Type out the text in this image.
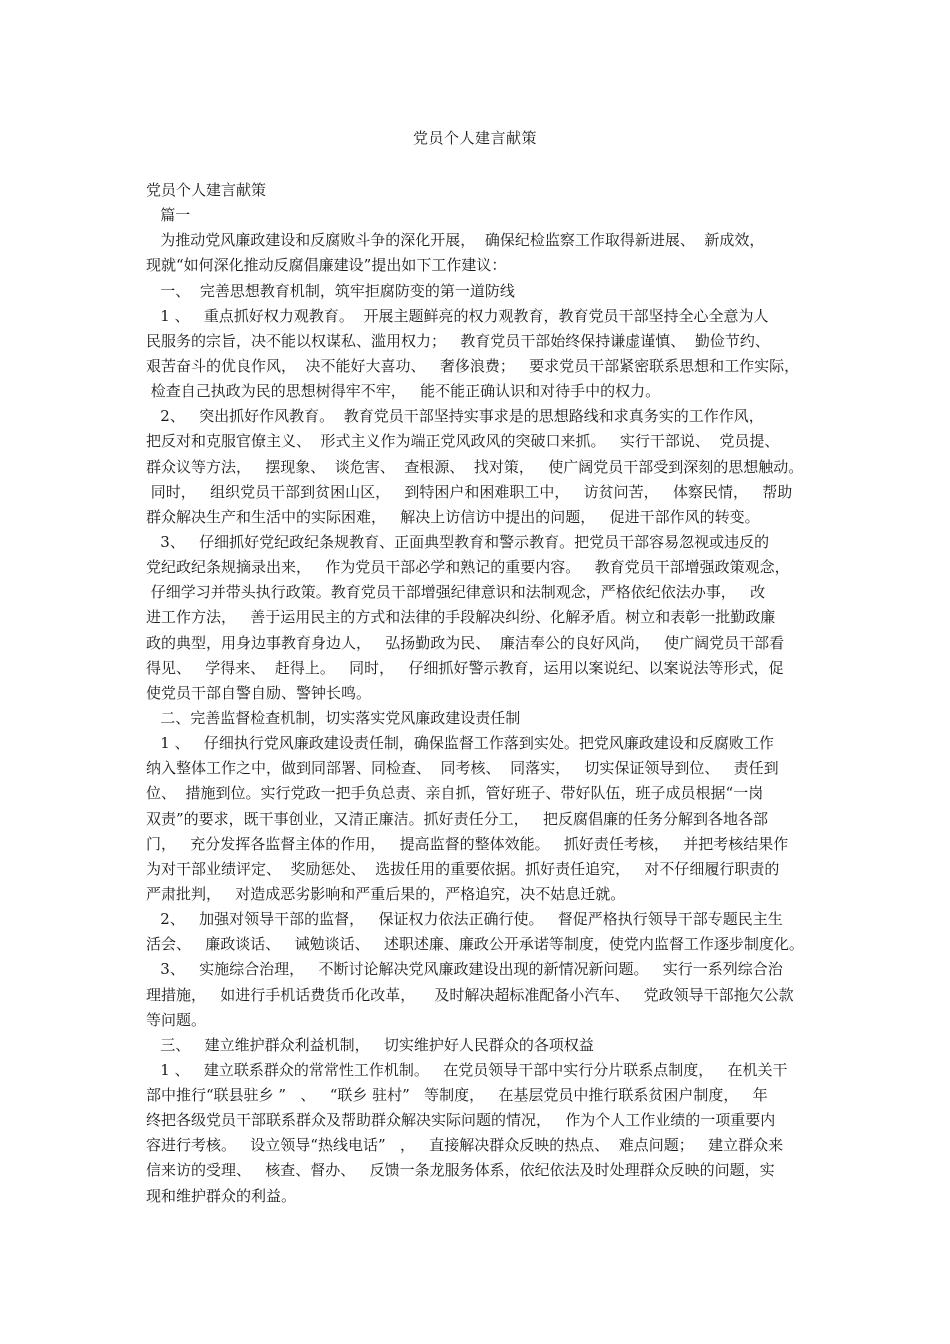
党员个人建言献策
党员个人建言献策
篇一
为推动党风廉政建设和反腐败斗争的深化开展，  确保纪检监察工作取得新进展、  新成效，
现就“如何深化推动反腐倡廉建设”提出如下工作建议：
一、  完善思想教育机制，筑牢拒腐防变的第一道防线
1 、   重点抓好权力观教育。  开展主题鲜亮的权力观教育，教育党员干部坚持全心全意为人
民服务的宗旨，决不能以权谋私、滥用权力；   教育党员干部始终保持谦虚谨慎、  勤俭节约、
艰苦奋斗的优良作风，  决不能好大喜功、   奢侈浪费；   要求党员干部紧密联系思想和工作实际，
检查自己执政为民的思想树得牢不牢，   能不能正确认识和对待手中的权力。
2、   突出抓好作风教育。  教育党员干部坚持实事求是的思想路线和求真务实的工作作风，
把反对和克服官僚主义、  形式主义作为端正党风政风的突破口来抓。   实行干部说、  党员提、
群众议等方法，   摆现象、  谈危害、  查根源、  找对策，   使广阔党员干部受到深刻的思想触动。
同时，   组织党员干部到贫困山区，   到特困户和困难职工中，   访贫问苦，   体察民情，   帮助
群众解决生产和生活中的实际困难，   解决上访信访中提出的问题，   促进干部作风的转变。
3、   仔细抓好党纪政纪条规教育、正面典型教育和警示教育。把党员干部容易忽视或违反的
党纪政纪条规摘录出来，   作为党员干部必学和熟记的重要内容。   教育党员干部增强政策观念，
仔细学习并带头执行政策。教育党员干部增强纪律意识和法制观念，严格依纪依法办事，   改
进工作方法，   善于运用民主的方式和法律的手段解决纠纷、化解矛盾。树立和表彰一批勤政廉
政的典型，用身边事教育身边人，   弘扬勤政为民、  廉洁奉公的良好风尚，   使广阔党员干部看
得见、   学得来、  赶得上。   同时，   仔细抓好警示教育，运用以案说纪、以案说法等形式，促
使党员干部自警自励、警钟长鸣。
二、完善监督检查机制，切实落实党风廉政建设责任制
1 、   仔细执行党风廉政建设责任制，确保监督工作落到实处。把党风廉政建设和反腐败工作
纳入整体工作之中，做到同部署、同检查、  同考核、  同落实，   切实保证领导到位、   责任到
位、  措施到位。实行党政一把手负总责、亲自抓，管好班子、带好队伍，班子成员根据“一岗
双责”的要求，既干事创业，又清正廉洁。抓好责任分工，   把反腐倡廉的任务分解到各地各部
门，   充分发挥各监督主体的作用，   提高监督的整体效能。   抓好责任考核，   并把考核结果作
为对干部业绩评定、  奖励惩处、  选拔任用的重要依据。抓好责任追究，   对不仔细履行职责的
严肃批判，   对造成恶劣影响和严重后果的，严格追究，决不姑息迁就。
2、   加强对领导干部的监督，   保证权力依法正确行使。   督促严格执行领导干部专题民主生
活会、   廉政谈话、   诫勉谈话、   述职述廉、廉政公开承诺等制度，使党内监督工作逐步制度化。
3、   实施综合治理，   不断讨论解决党风廉政建设出现的新情况新问题。   实行一系列综合治
理措施，   如进行手机话费货币化改革，    及时解决超标准配备小汽车、   党政领导干部拖欠公款
等问题。
三、   建立维护群众利益机制，   切实维护好人民群众的各项权益
1 、   建立联系群众的常常性工作机制。   在党员领导干部中实行分片联系点制度，   在机关干
部中推行“联县驻乡 ”   、   “联乡 驻村”   等制度，   在基层党员中推行联系贫困户制度，   年
终把各级党员干部联系群众及帮助群众解决实际问题的情况，   作为个人工作业绩的一项重要内
容进行考核。   设立领导“热线电话”   ，   直接解决群众反映的热点、  难点问题；   建立群众来
信来访的受理、   核查、督办、   反馈一条龙服务体系，依纪依法及时处理群众反映的问题，实
现和维护群众的利益。
